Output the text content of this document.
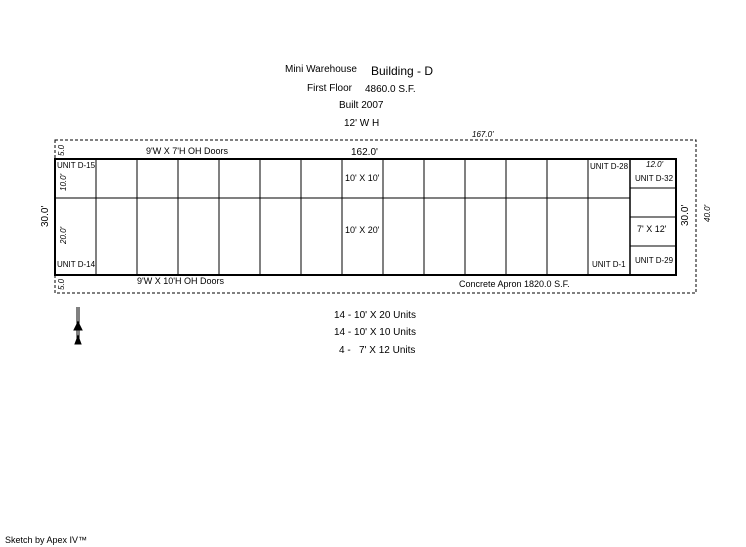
Mini Warehouse Building - D
First Floor 4860.0 S.F.
Built 2007
12' W H
167.0'
162.0'
30.0'	30.0' 40.0'
5.0
5.0
10.0'
20.0'
12.0'
9'W X 7'H OH Doors
9'W X 10'H OH Doors
UNIT D-15
UNIT D-14
UNIT D-28
UNIT D-1
UNIT D-32
UNIT D-29
10' X 10'
10' X 20'	7' X 12'
Concrete Apron 1820.0 S.F.
14 - 10' X 20 Units
14 - 10' X 10 Units
4 -   7' X 12 Units
Sketch by Apex IV™
